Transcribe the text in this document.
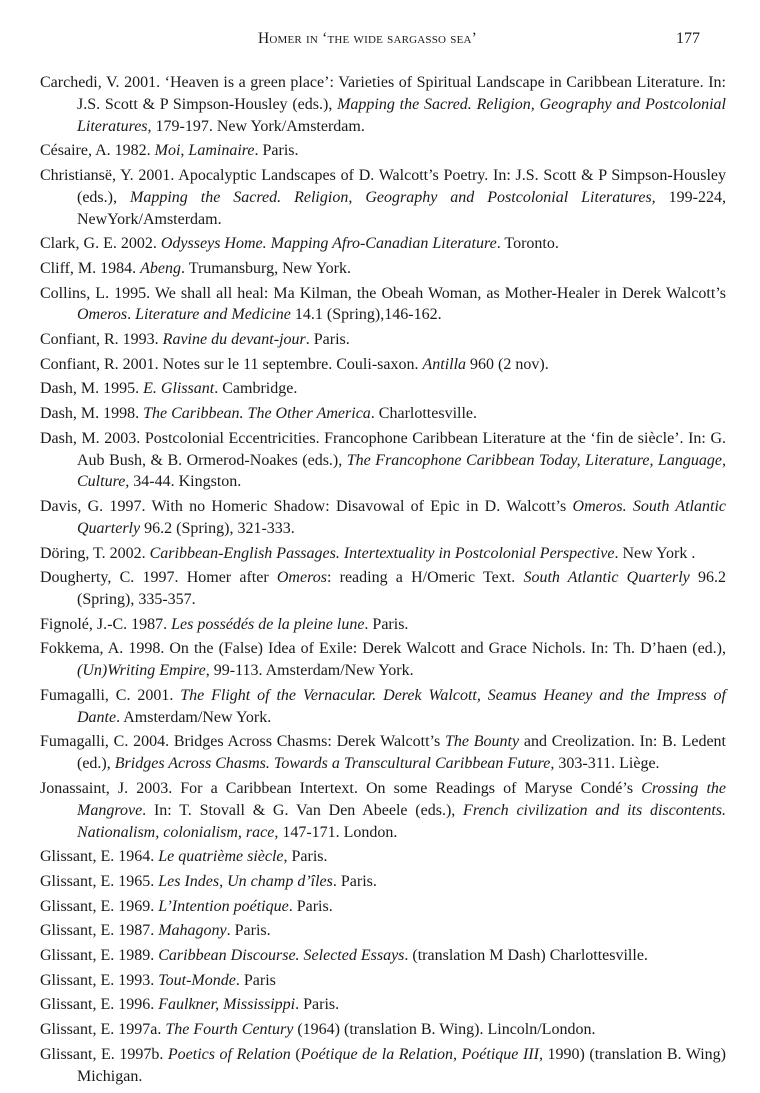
Homer in ‘the wide sargasso sea’	177

Carchedi, V. 2001. ‘Heaven is a green place’: Varieties of Spiritual Landscape in Caribbean Literature. In: J.S. Scott & P Simpson-Housley (eds.), Mapping the Sacred. Religion, Geography and Postcolonial Literatures, 179-197. New York/Amsterdam.

Césaire, A. 1982. Moi, Laminaire. Paris.

Christiansë, Y. 2001. Apocalyptic Landscapes of D. Walcott’s Poetry. In: J.S. Scott & P Simpson-Housley (eds.), Mapping the Sacred. Religion, Geography and Postcolonial Literatures, 199-224, NewYork/Amsterdam.

Clark, G. E. 2002. Odysseys Home. Mapping Afro-Canadian Literature. Toronto.

Cliff, M. 1984. Abeng. Trumansburg, New York.

Collins, L. 1995. We shall all heal: Ma Kilman, the Obeah Woman, as Mother-Healer in Derek Walcott’s Omeros. Literature and Medicine 14.1 (Spring),146-162.

Confiant, R. 1993. Ravine du devant-jour. Paris.

Confiant, R. 2001. Notes sur le 11 septembre. Couli-saxon. Antilla 960 (2 nov).

Dash, M. 1995. E. Glissant. Cambridge.

Dash, M. 1998. The Caribbean. The Other America. Charlottesville.

Dash, M. 2003. Postcolonial Eccentricities. Francophone Caribbean Literature at the ‘fin de siècle’. In: G. Aub Bush, & B. Ormerod-Noakes (eds.), The Francophone Caribbean Today, Literature, Language, Culture, 34-44. Kingston.

Davis, G. 1997. With no Homeric Shadow: Disavowal of Epic in D. Walcott’s Omeros. South Atlantic Quarterly 96.2 (Spring), 321-333.

Döring, T. 2002. Caribbean-English Passages. Intertextuality in Postcolonial Perspective. New York .

Dougherty, C. 1997. Homer after Omeros: reading a H/Omeric Text. South Atlantic Quarterly 96.2 (Spring), 335-357.

Fignolé, J.-C. 1987. Les possédés de la pleine lune. Paris.

Fokkema, A. 1998. On the (False) Idea of Exile: Derek Walcott and Grace Nichols. In: Th. D’haen (ed.), (Un)Writing Empire, 99-113. Amsterdam/New York.

Fumagalli, C. 2001. The Flight of the Vernacular. Derek Walcott, Seamus Heaney and the Impress of Dante. Amsterdam/New York.

Fumagalli, C. 2004. Bridges Across Chasms: Derek Walcott’s The Bounty and Creolization. In: B. Ledent (ed.), Bridges Across Chasms. Towards a Transcultural Caribbean Future, 303-311. Liège.

Jonassaint, J. 2003. For a Caribbean Intertext. On some Readings of Maryse Condé’s Crossing the Mangrove. In: T. Stovall & G. Van Den Abeele (eds.), French civilization and its discontents. Nationalism, colonialism, race, 147-171. London.

Glissant, E. 1964. Le quatrième siècle, Paris.

Glissant, E. 1965. Les Indes, Un champ d’îles. Paris.

Glissant, E. 1969. L’Intention poétique. Paris.

Glissant, E. 1987. Mahagony. Paris.

Glissant, E. 1989. Caribbean Discourse. Selected Essays. (translation M Dash) Charlottesville.

Glissant, E. 1993. Tout-Monde. Paris

Glissant, E. 1996. Faulkner, Mississippi. Paris.

Glissant, E. 1997a. The Fourth Century (1964) (translation B. Wing). Lincoln/London.

Glissant, E. 1997b. Poetics of Relation (Poétique de la Relation, Poétique III, 1990) (translation B. Wing) Michigan.
